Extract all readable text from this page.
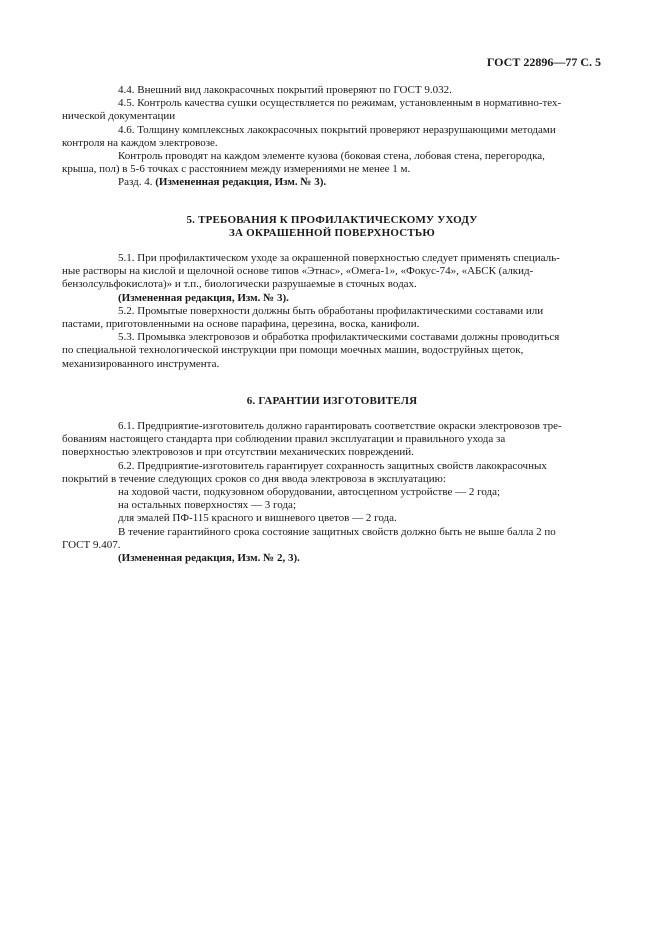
ГОСТ 22896—77 С. 5
4.4. Внешний вид лакокрасочных покрытий проверяют по ГОСТ 9.032.
4.5. Контроль качества сушки осуществляется по режимам, установленным в нормативно-тех-
нической документации
4.6. Толщину комплексных лакокрасочных покрытий проверяют неразрушающими методами
контроля на каждом электровозе.
Контроль проводят на каждом элементе кузова (боковая стена, лобовая стена, перегородка,
крыша, пол) в 5-6 точках с расстоянием между измерениями не менее 1 м.
Разд. 4. (Измененная редакция, Изм. № 3).
5. ТРЕБОВАНИЯ К ПРОФИЛАКТИЧЕСКОМУ УХОДУ
ЗА ОКРАШЕННОЙ ПОВЕРХНОСТЬЮ
5.1. При профилактическом уходе за окрашенной поверхностью следует применять специаль-
ные растворы на кислой и щелочной основе типов «Этнас», «Омега-1», «Фокус-74», «АБСК (алкид-
бензолсульфокислота)» и т.п., биологически разрушаемые в сточных водах.
(Измененная редакция, Изм. № 3).
5.2. Промытые поверхности должны быть обработаны профилактическими составами или
пастами, приготовленными на основе парафина, церезина, воска, канифоли.
5.3. Промывка электровозов и обработка профилактическими составами должны проводиться
по специальной технологической инструкции при помощи моечных машин, водоструйных щеток,
механизированного инструмента.
6. ГАРАНТИИ ИЗГОТОВИТЕЛЯ
6.1. Предприятие-изготовитель должно гарантировать соответствие окраски электровозов тре-
бованиям настоящего стандарта при соблюдении правил эксплуатации и правильного ухода за
поверхностью электровозов и при отсутствии механических повреждений.
6.2. Предприятие-изготовитель гарантирует сохранность защитных свойств лакокрасочных
покрытий в течение следующих сроков со дня ввода электровоза в эксплуатацию:
на ходовой части, подкузовном оборудовании, автосцепном устройстве — 2 года;
на остальных поверхностях — 3 года;
для эмалей ПФ-115 красного и вишневого цветов — 2 года.
В течение гарантийного срока состояние защитных свойств должно быть не выше балла 2 по
ГОСТ 9.407.
(Измененная редакция, Изм. № 2, 3).
